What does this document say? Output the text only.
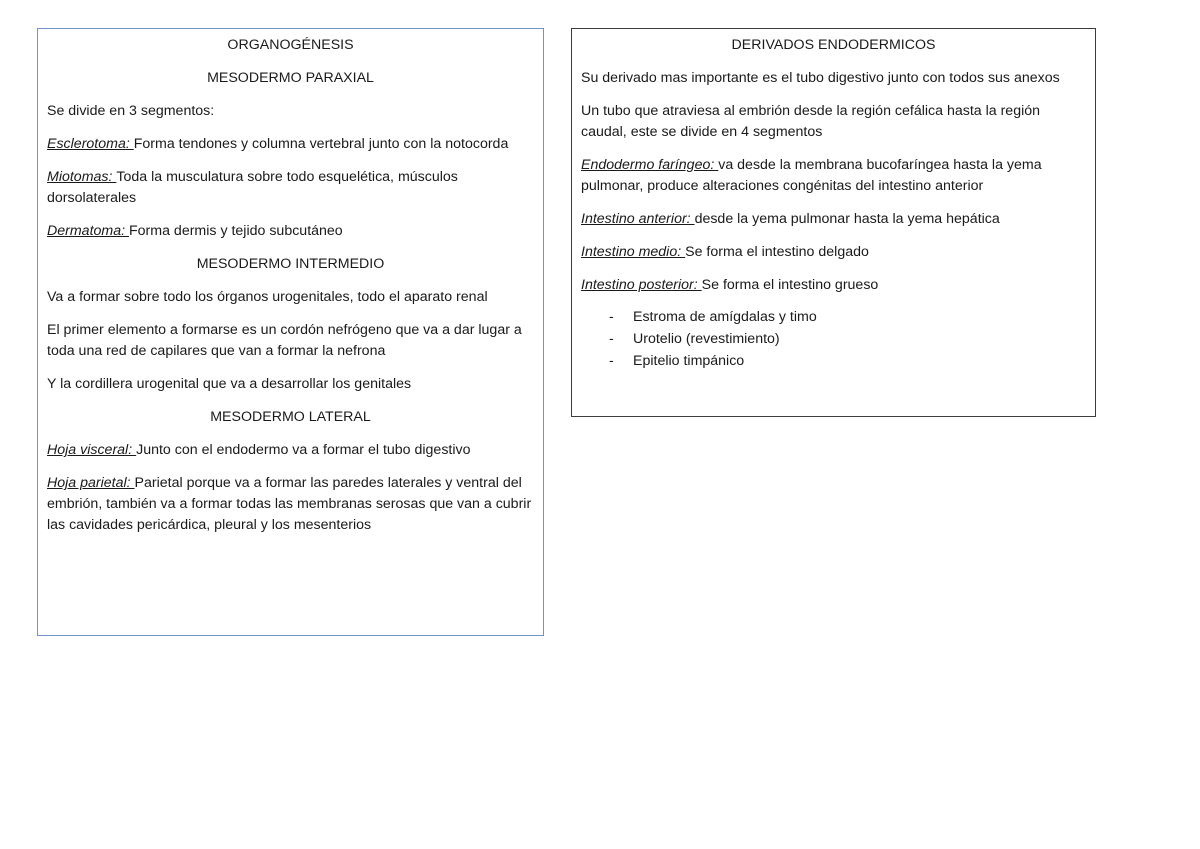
ORGANOGÉNESIS
MESODERMO PARAXIAL
Se divide en 3 segmentos:
Esclerotoma: Forma tendones y columna vertebral junto con la notocorda
Miotomas: Toda la musculatura sobre todo esquelética, músculos dorsolaterales
Dermatoma: Forma dermis y tejido subcutáneo
MESODERMO INTERMEDIO
Va a formar sobre todo los órganos urogenitales, todo el aparato renal
El primer elemento a formarse es un cordón nefrógeno que va a dar lugar a toda una red de capilares que van a formar la nefrona
Y la cordillera urogenital que va a desarrollar los genitales
MESODERMO LATERAL
Hoja visceral: Junto con el endodermo va a formar el tubo digestivo
Hoja parietal: Parietal porque va a formar las paredes laterales y ventral del embrión, también va a formar todas las membranas serosas que van a cubrir las cavidades pericárdica, pleural y los mesenterios
DERIVADOS ENDODERMICOS
Su derivado mas importante es el tubo digestivo junto con todos sus anexos
Un tubo que atraviesa al embrión desde la región cefálica hasta la región caudal, este se divide en 4 segmentos
Endodermo faríngeo: va desde la membrana bucofaríngea hasta la yema pulmonar, produce alteraciones congénitas del intestino anterior
Intestino anterior: desde la yema pulmonar hasta la yema hepática
Intestino medio: Se forma el intestino delgado
Intestino posterior: Se forma el intestino grueso
- Estroma de amígdalas y timo
- Urotelio (revestimiento)
- Epitelio timpánico
